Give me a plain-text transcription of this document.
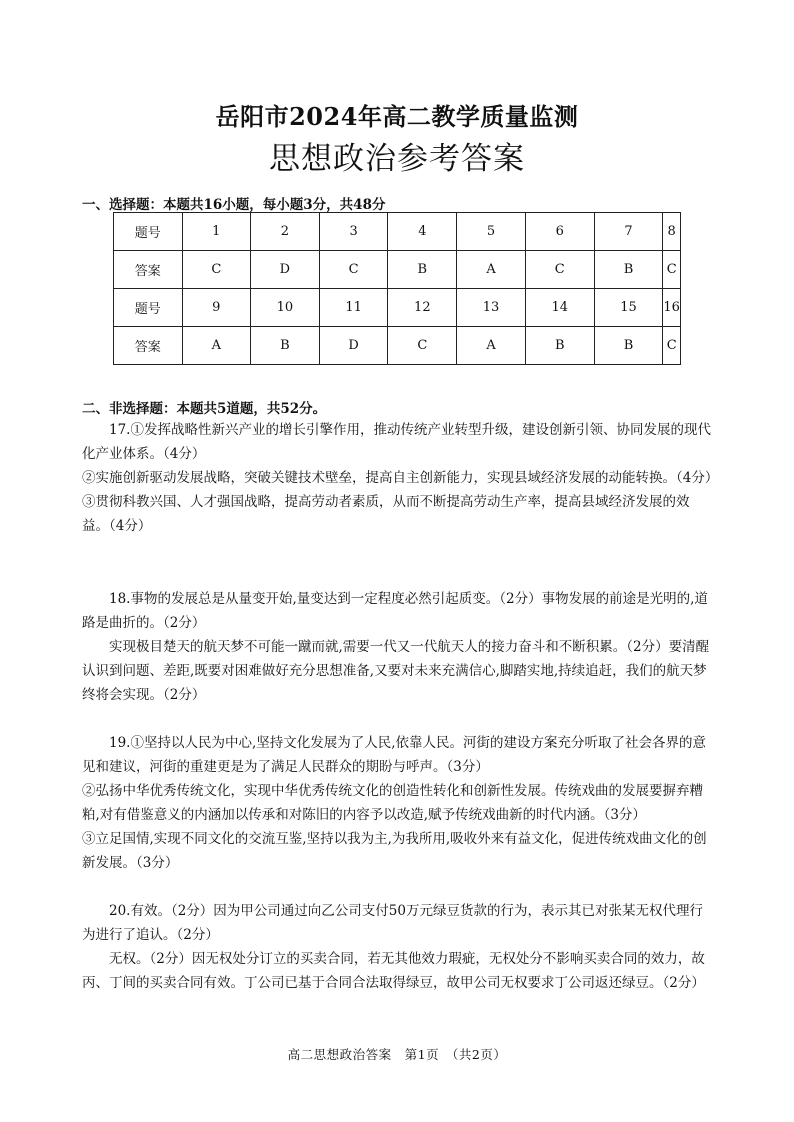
岳阳市2024年高二教学质量监测
思想政治参考答案
一、选择题：本题共16小题，每小题3分，共48分
题号	1	2	3	4	5	6	7	8
答案	C	D	C	B	A	C	B	C
题号	9	10	11	12	13	14	15	16
答案	A	B	D	C	A	B	B	C
二、非选择题：本题共5道题，共52分。

17.①发挥战略性新兴产业的增长引擎作用，推动传统产业转型升级，建设创新引领、协同发展的现代化产业体系。（4分）

②实施创新驱动发展战略，突破关键技术壁垒，提高自主创新能力，实现县域经济发展的动能转换。（4分）

③贯彻科教兴国、人才强国战略，提高劳动者素质，从而不断提高劳动生产率，提高县域经济发展的效益。（4分）

18.事物的发展总是从量变开始,量变达到一定程度必然引起质变。（2分）事物发展的前途是光明的,道路是曲折的。（2分）

实现极目楚天的航天梦不可能一蹴而就,需要一代又一代航天人的接力奋斗和不断积累。（2分）要清醒认识到问题、差距,既要对困难做好充分思想准备,又要对未来充满信心,脚踏实地,持续追赶，我们的航天梦终将会实现。（2分）

19.①坚持以人民为中心,坚持文化发展为了人民,依靠人民。河街的建设方案充分听取了社会各界的意见和建议，河街的重建更是为了满足人民群众的期盼与呼声。（3分）

②弘扬中华优秀传统文化，实现中华优秀传统文化的创造性转化和创新性发展。传统戏曲的发展要摒弃糟粕,对有借鉴意义的内涵加以传承和对陈旧的内容予以改造,赋予传统戏曲新的时代内涵。（3分）

③立足国情,实现不同文化的交流互鉴,坚持以我为主,为我所用,吸收外来有益文化，促进传统戏曲文化的创新发展。（3分）

20.有效。（2分）因为甲公司通过向乙公司支付50万元绿豆货款的行为，表示其已对张某无权代理行为进行了追认。（2分）

无权。（2分）因无权处分订立的买卖合同，若无其他效力瑕疵，无权处分不影响买卖合同的效力，故丙、丁间的买卖合同有效。丁公司已基于合同合法取得绿豆，故甲公司无权要求丁公司返还绿豆。（2分）

高二思想政治答案　第1页　（共2页）
